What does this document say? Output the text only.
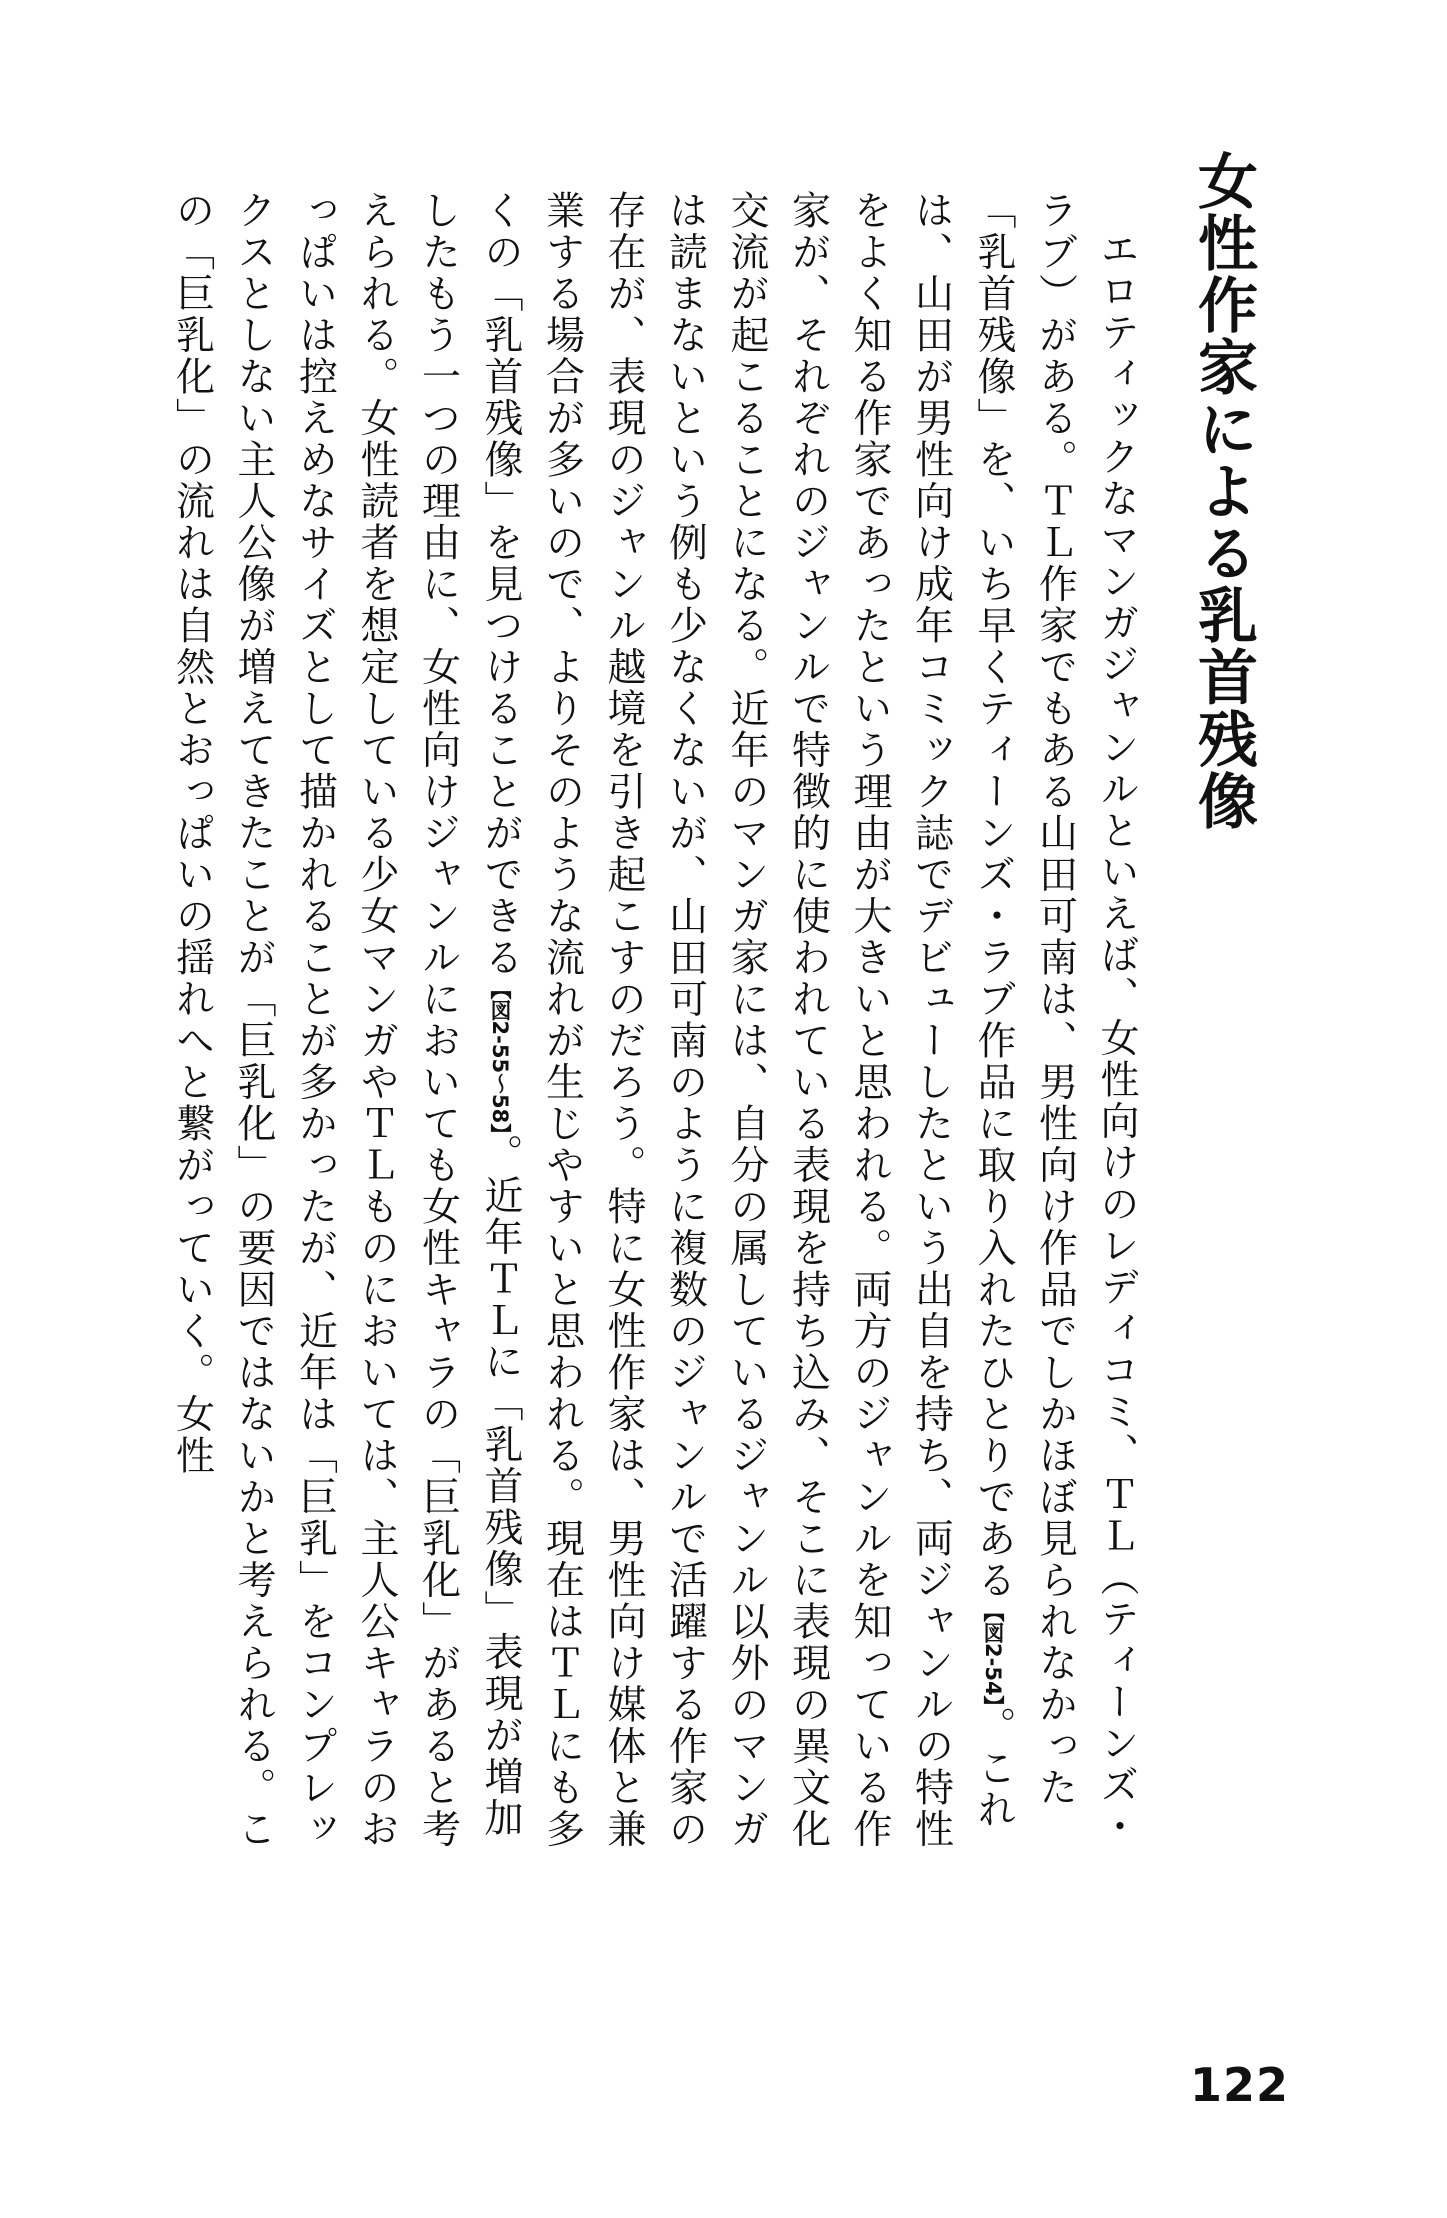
女性作家による乳首残像

エロティックなマンガジャンルといえば、女性向けのレディコミ、ＴＬ（ティーンズ・ラブ）がある。ＴＬ作家でもある山田可南は、男性向け作品でしかほぼ見られなかった「乳首残像」を、いち早くティーンズ・ラブ作品に取り入れたひとりである【図2‐54】。これは、山田が男性向け成年コミック誌でデビューしたという出自を持ち、両ジャンルの特性をよく知る作家であったという理由が大きいと思われる。両方のジャンルを知っている作家が、それぞれのジャンルで特徴的に使われている表現を持ち込み、そこに表現の異文化交流が起こることになる。近年のマンガ家には、自分の属しているジャンル以外のマンガは読まないという例も少なくないが、山田可南のように複数のジャンルで活躍する作家の存在が、表現のジャンル越境を引き起こすのだろう。特に女性作家は、男性向け媒体と兼業する場合が多いので、よりそのような流れが生じやすいと思われる。現在はＴＬにも多くの「乳首残像」を見つけることができる【図2‐55～58】。近年ＴＬに「乳首残像」表現が増加したもう一つの理由に、女性向けジャンルにおいても女性キャラの「巨乳化」があると考えられる。女性読者を想定している少女マンガやＴＬものにおいては、主人公キャラのおっぱいは控えめなサイズとして描かれることが多かったが、近年は「巨乳」をコンプレックスとしない主人公像が増えてきたことが「巨乳化」の要因ではないかと考えられる。この「巨乳化」の流れは自然とおっぱいの揺れへと繋がっていく。女性

122
